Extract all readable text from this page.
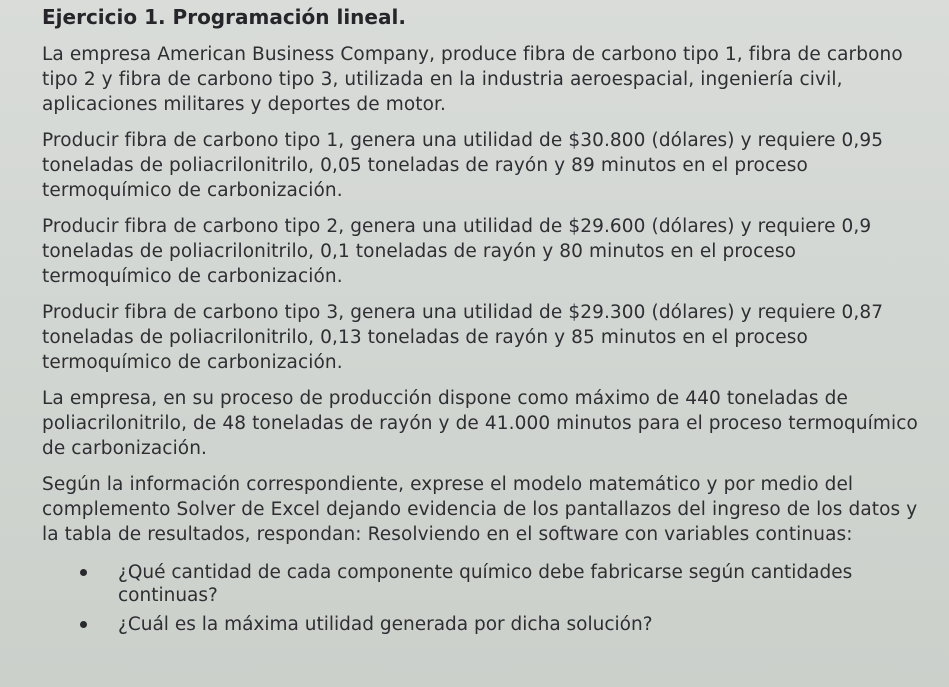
Ejercicio 1. Programación lineal.

La empresa American Business Company, produce fibra de carbono tipo 1, fibra de carbono tipo 2 y fibra de carbono tipo 3, utilizada en la industria aeroespacial, ingeniería civil, aplicaciones militares y deportes de motor.

Producir fibra de carbono tipo 1, genera una utilidad de $30.800 (dólares) y requiere 0,95 toneladas de poliacrilonitrilo, 0,05 toneladas de rayón y 89 minutos en el proceso termoquímico de carbonización.

Producir fibra de carbono tipo 2, genera una utilidad de $29.600 (dólares) y requiere 0,9 toneladas de poliacrilonitrilo, 0,1 toneladas de rayón y 80 minutos en el proceso termoquímico de carbonización.

Producir fibra de carbono tipo 3, genera una utilidad de $29.300 (dólares) y requiere 0,87 toneladas de poliacrilonitrilo, 0,13 toneladas de rayón y 85 minutos en el proceso termoquímico de carbonización.

La empresa, en su proceso de producción dispone como máximo de 440 toneladas de poliacrilonitrilo, de 48 toneladas de rayón y de 41.000 minutos para el proceso termoquímico de carbonización.

Según la información correspondiente, exprese el modelo matemático y por medio del complemento Solver de Excel dejando evidencia de los pantallazos del ingreso de los datos y la tabla de resultados, respondan: Resolviendo en el software con variables continuas:

¿Qué cantidad de cada componente químico debe fabricarse según cantidades continuas?
¿Cuál es la máxima utilidad generada por dicha solución?
